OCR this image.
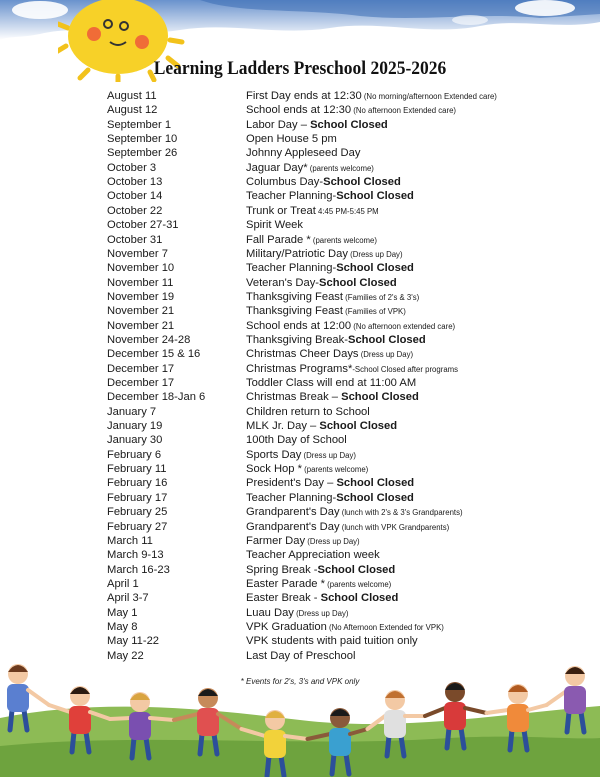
Learning Ladders Preschool 2025-2026
August 11	First Day ends at 12:30 (No morning/afternoon Extended care)
August 12	School ends at 12:30 (No afternoon Extended care)
September 1	Labor Day – School Closed
September 10	Open House 5 pm
September 26	Johnny Appleseed Day
October 3	Jaguar Day* (parents welcome)
October 13	Columbus Day-School Closed
October 14	Teacher Planning-School Closed
October 22	Trunk or Treat 4:45 PM-5:45 PM
October 27-31	Spirit Week
October 31	Fall Parade * (parents welcome)
November 7	Military/Patriotic Day (Dress up Day)
November 10	Teacher Planning-School Closed
November 11	Veteran's Day-School Closed
November 19	Thanksgiving Feast (Families of 2's & 3's)
November 21	Thanksgiving Feast (Families of VPK)
November 21	School ends at 12:00 (No afternoon extended care)
November 24-28	Thanksgiving Break-School Closed
December 15 & 16	Christmas Cheer Days (Dress up Day)
December 17	Christmas Programs*-School Closed after programs
December 17	Toddler Class will end at 11:00 AM
December 18-Jan 6	Christmas Break – School Closed
January 7	Children return to School
January 19	MLK Jr. Day – School Closed
January 30	100th Day of School
February 6	Sports Day (Dress up Day)
February 11	Sock Hop * (parents welcome)
February 16	President's Day – School Closed
February 17	Teacher Planning-School Closed
February 25	Grandparent's Day (lunch with 2's & 3's Grandparents)
February 27	Grandparent's Day (lunch with VPK Grandparents)
March 11	Farmer Day (Dress up Day)
March 9-13	Teacher Appreciation week
March 16-23	Spring Break -School Closed
April 1	Easter Parade * (parents welcome)
April 3-7	Easter Break - School Closed
May 1	Luau Day (Dress up Day)
May 8	VPK Graduation (No Afternoon Extended for VPK)
May 11-22	VPK students with paid tuition only
May 22	Last Day of Preschool
* Events for 2's, 3's and VPK only
